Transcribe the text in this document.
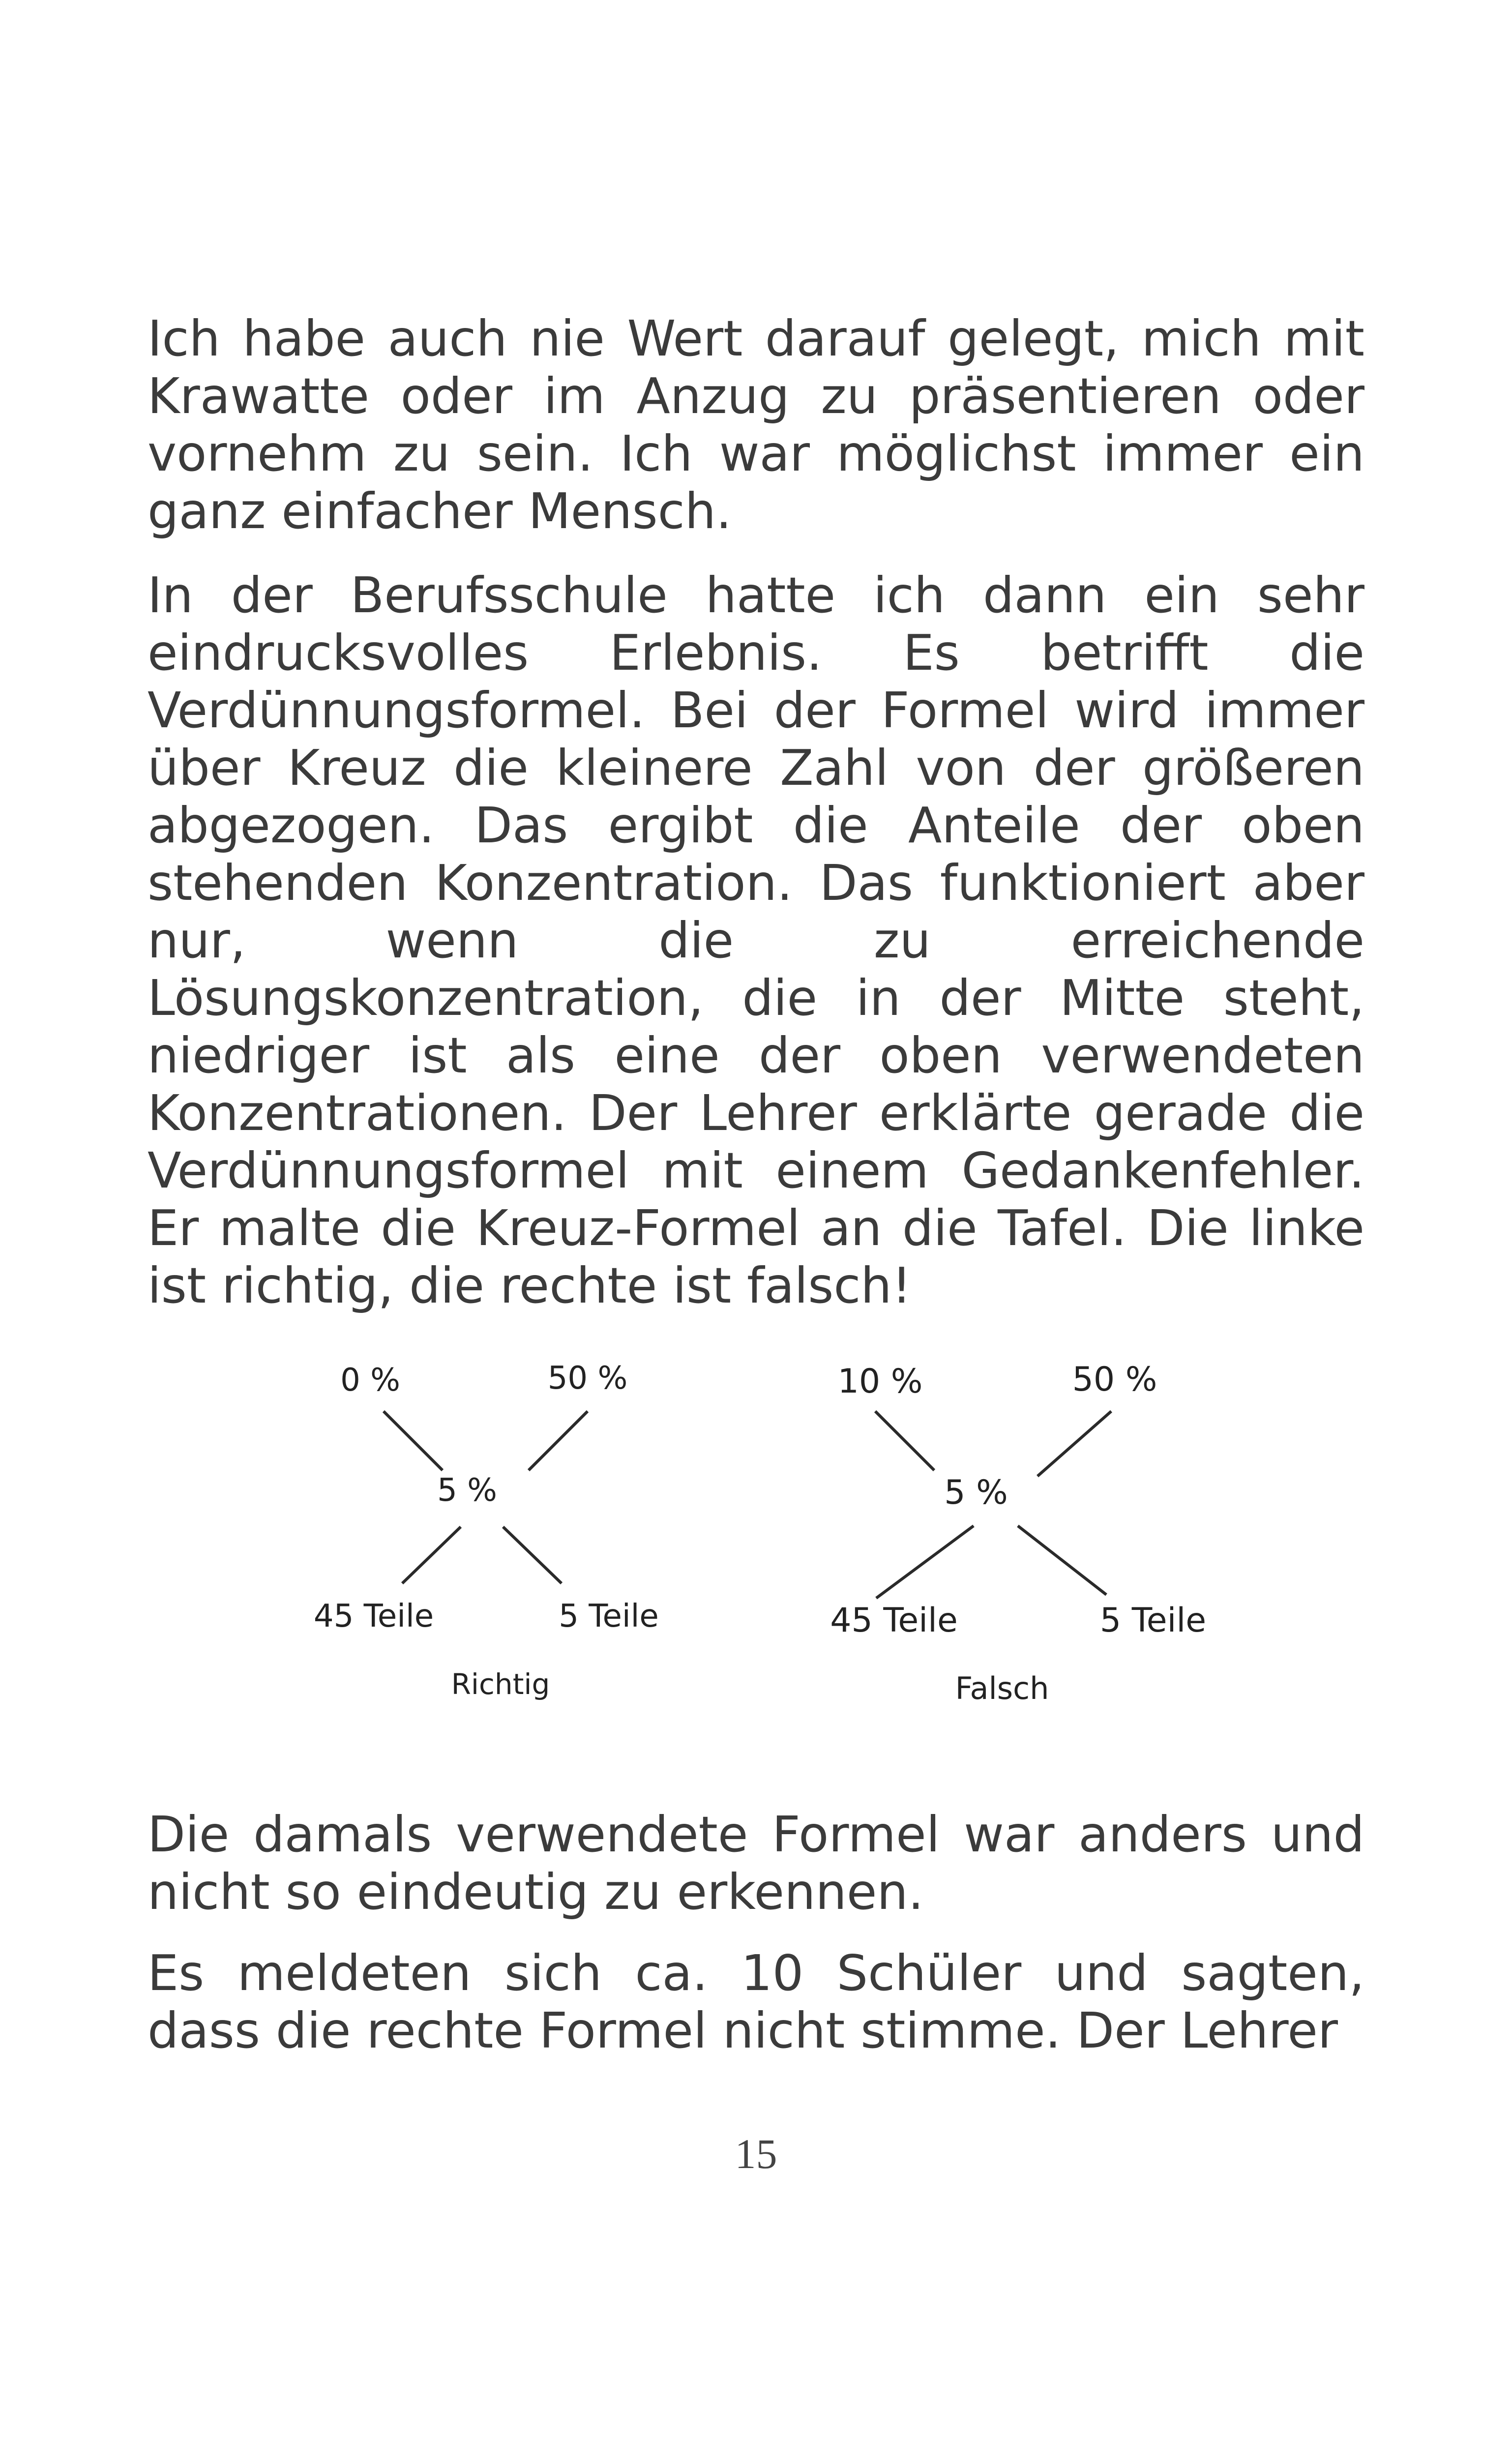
Ich habe auch nie Wert darauf gelegt, mich mit Krawatte oder im Anzug zu präsentieren oder vornehm zu sein. Ich war möglichst immer ein ganz einfacher Mensch.

In der Berufsschule hatte ich dann ein sehr eindrucksvolles Erlebnis. Es betrifft die Verdünnungsformel. Bei der Formel wird immer über Kreuz die kleinere Zahl von der größeren abgezogen. Das ergibt die Anteile der oben stehenden Konzentration. Das funktioniert aber nur, wenn die zu erreichende Lösungskonzentration, die in der Mitte steht, niedriger ist als eine der oben verwendeten Konzentrationen. Der Lehrer erklärte gerade die Verdünnungsformel mit einem Gedankenfehler. Er malte die Kreuz-Formel an die Tafel. Die linke ist richtig, die rechte ist falsch!

0 %	50 %
5 %
45 Teile	5 Teile
Richtig
10 %	50 %
5 %
45 Teile	5 Teile
Falsch

Die damals verwendete Formel war anders und nicht so eindeutig zu erkennen.

Es meldeten sich ca. 10 Schüler und sagten, dass die rechte Formel nicht stimme. Der Lehrer

15
